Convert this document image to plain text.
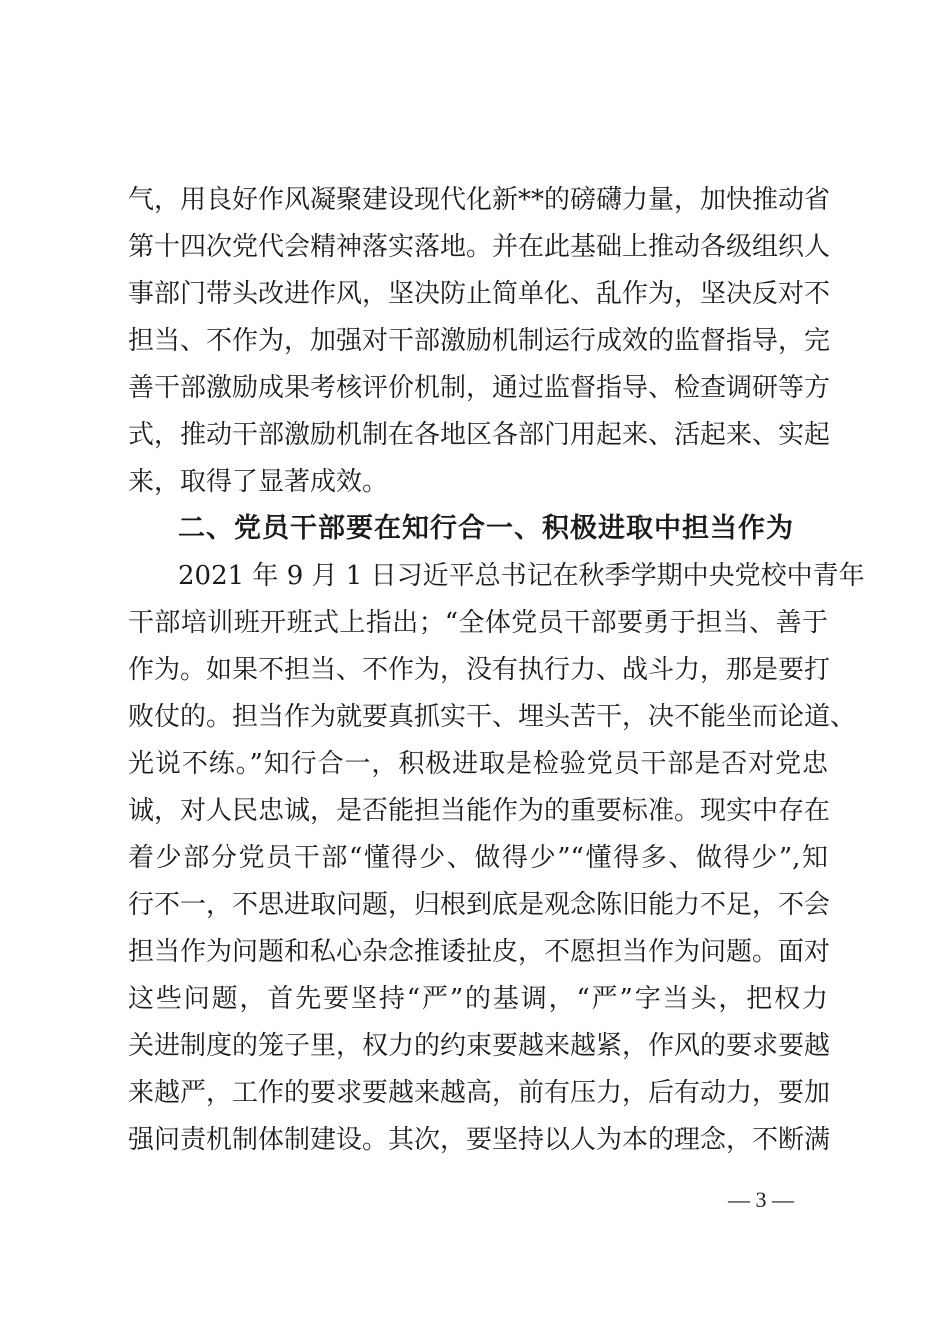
气，用良好作风凝聚建设现代化新**的磅礴力量，加快推动省
第十四次党代会精神落实落地。并在此基础上推动各级组织人
事部门带头改进作风，坚决防止简单化、乱作为，坚决反对不
担当、不作为，加强对干部激励机制运行成效的监督指导，完
善干部激励成果考核评价机制，通过监督指导、检查调研等方
式，推动干部激励机制在各地区各部门用起来、活起来、实起
来，取得了显著成效。
二、党员干部要在知行合一、积极进取中担当作为
2021 年 9 月 1 日习近平总书记在秋季学期中央党校中青年
干部培训班开班式上指出；“全体党员干部要勇于担当、善于
作为。如果不担当、不作为，没有执行力、战斗力，那是要打
败仗的。担当作为就要真抓实干、埋头苦干，决不能坐而论道、
光说不练。”知行合一，积极进取是检验党员干部是否对党忠
诚，对人民忠诚，是否能担当能作为的重要标准。现实中存在
着少部分党员干部“懂得少、做得少”“懂得多、做得少”,知
行不一，不思进取问题，归根到底是观念陈旧能力不足，不会
担当作为问题和私心杂念推诿扯皮，不愿担当作为问题。面对
这些问题，首先要坚持“严”的基调，“严”字当头，把权力
关进制度的笼子里，权力的约束要越来越紧，作风的要求要越
来越严，工作的要求要越来越高，前有压力，后有动力，要加
强问责机制体制建设。其次，要坚持以人为本的理念，不断满
— 3 —
